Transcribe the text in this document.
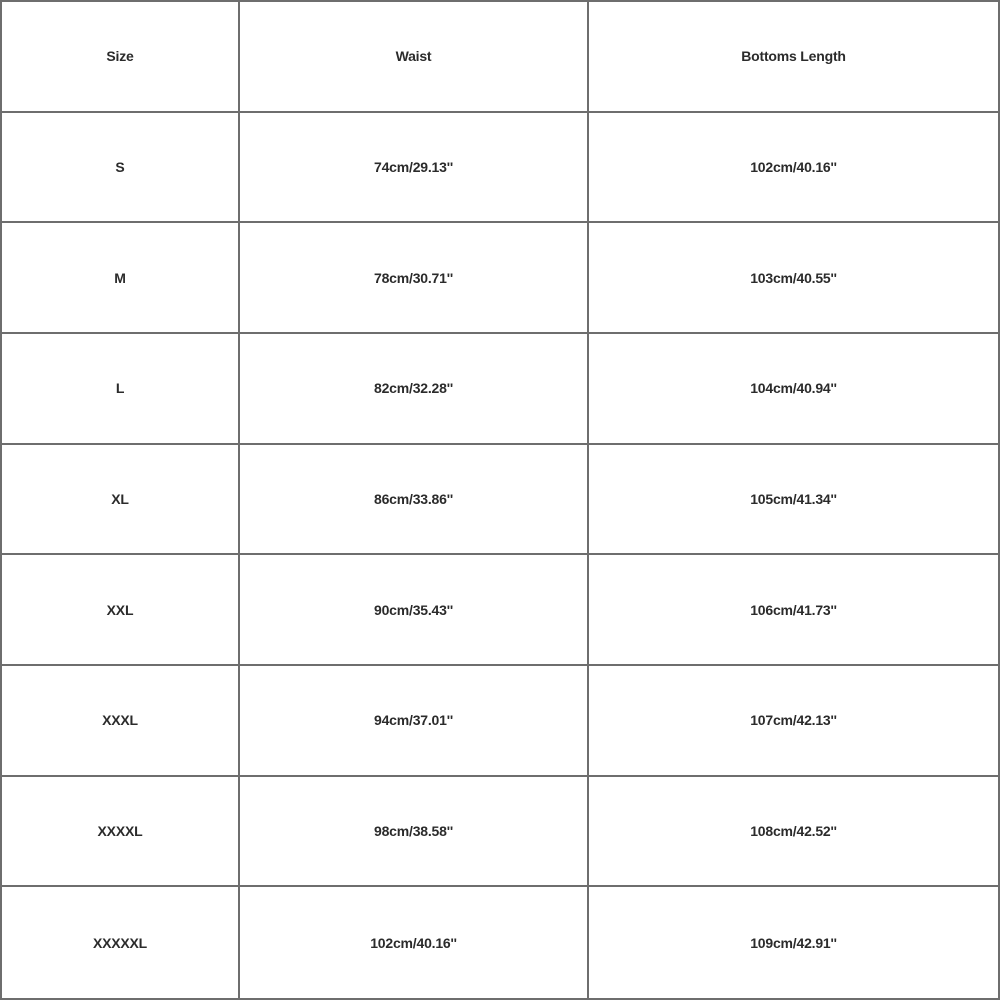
Size	Waist	Bottoms Length
S	74cm/29.13''	102cm/40.16''
M	78cm/30.71''	103cm/40.55''
L	82cm/32.28''	104cm/40.94''
XL	86cm/33.86''	105cm/41.34''
XXL	90cm/35.43''	106cm/41.73''
XXXL	94cm/37.01''	107cm/42.13''
XXXXL	98cm/38.58''	108cm/42.52''
XXXXXL	102cm/40.16''	109cm/42.91''
